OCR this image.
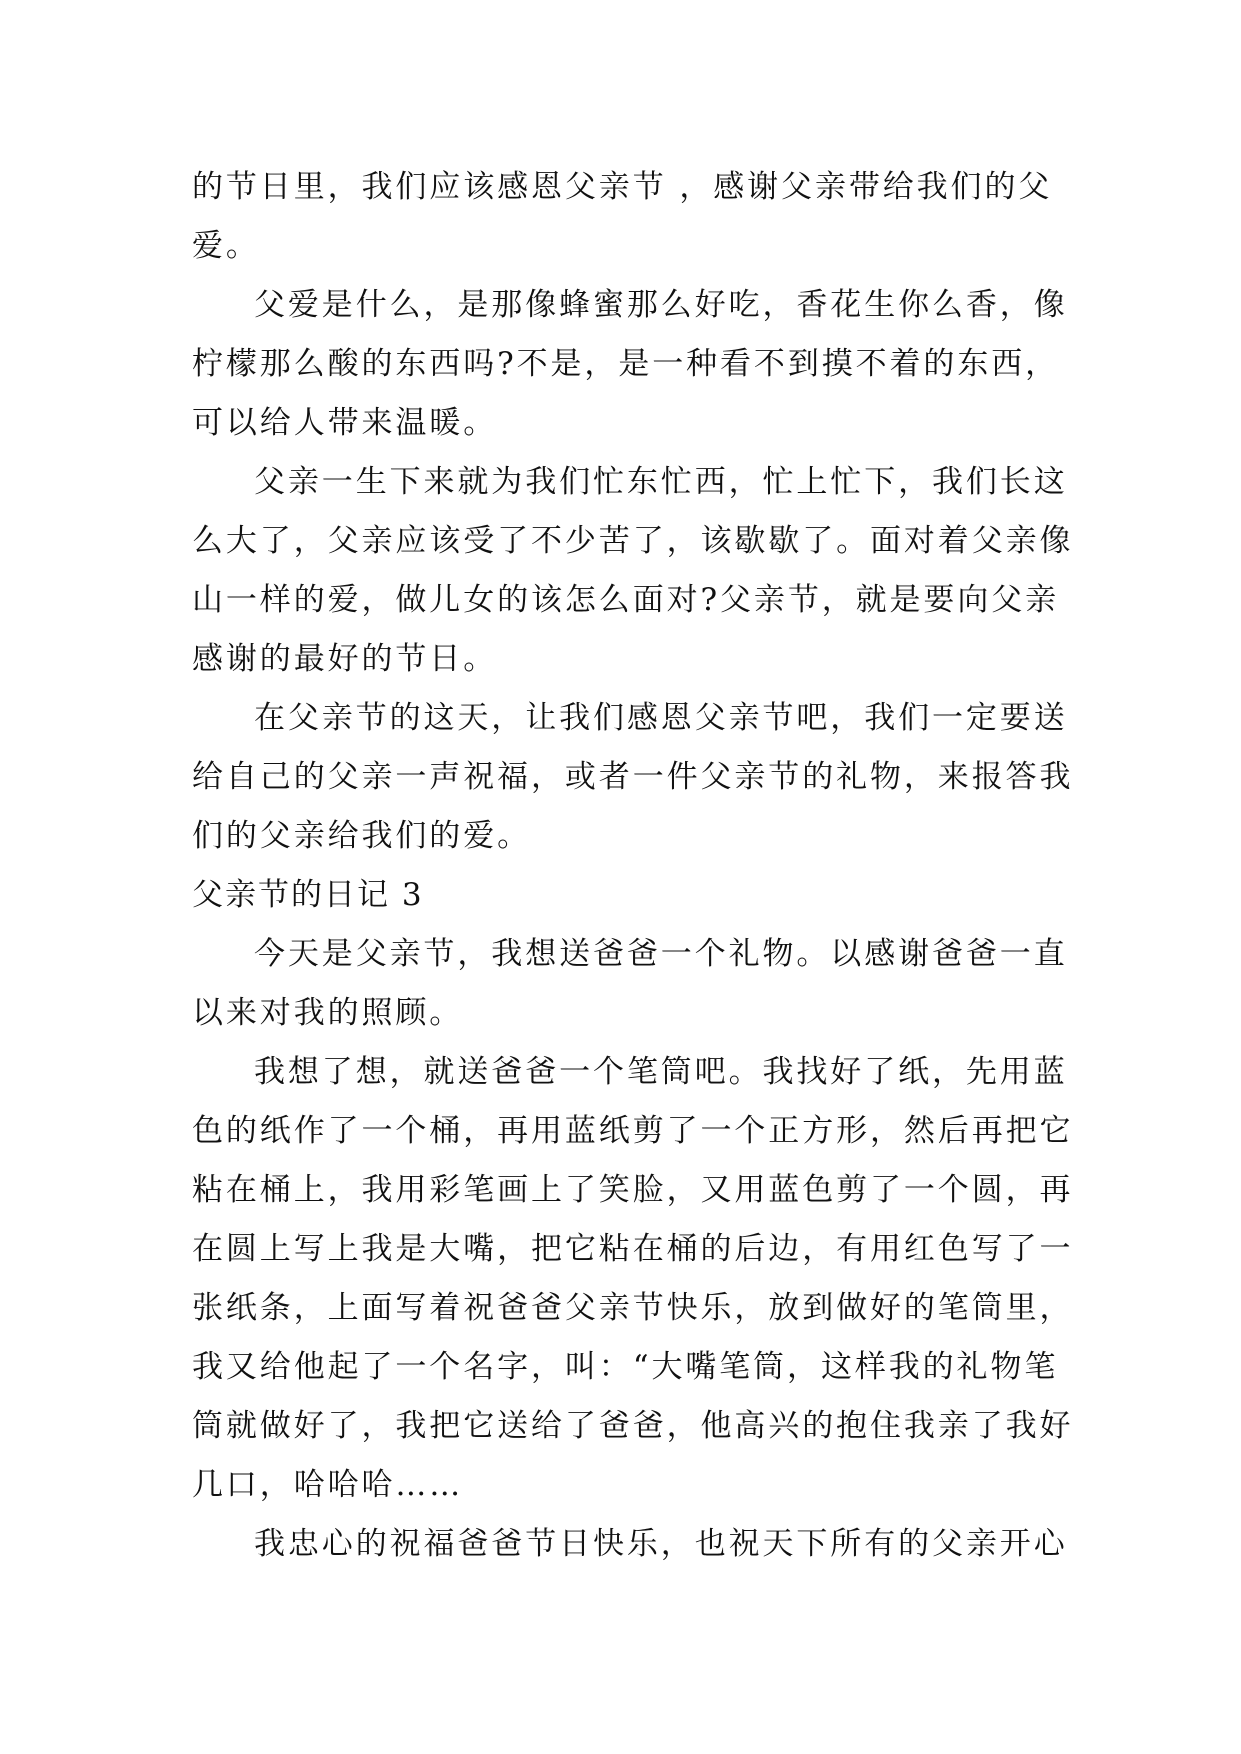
的节日里，我们应该感恩父亲节 ，感谢父亲带给我们的父
爱。
父爱是什么，是那像蜂蜜那么好吃，香花生你么香，像
柠檬那么酸的东西吗?不是，是一种看不到摸不着的东西，
可以给人带来温暖。
父亲一生下来就为我们忙东忙西，忙上忙下，我们长这
么大了，父亲应该受了不少苦了，该歇歇了。面对着父亲像
山一样的爱，做儿女的该怎么面对?父亲节，就是要向父亲
感谢的最好的节日。
在父亲节的这天，让我们感恩父亲节吧，我们一定要送
给自己的父亲一声祝福，或者一件父亲节的礼物，来报答我
们的父亲给我们的爱。
父亲节的日记 3
今天是父亲节，我想送爸爸一个礼物。以感谢爸爸一直
以来对我的照顾。
我想了想，就送爸爸一个笔筒吧。我找好了纸，先用蓝
色的纸作了一个桶，再用蓝纸剪了一个正方形，然后再把它
粘在桶上，我用彩笔画上了笑脸，又用蓝色剪了一个圆，再
在圆上写上我是大嘴，把它粘在桶的后边，有用红色写了一
张纸条，上面写着祝爸爸父亲节快乐，放到做好的笔筒里，
我又给他起了一个名字，叫：“大嘴笔筒，这样我的礼物笔
筒就做好了，我把它送给了爸爸，他高兴的抱住我亲了我好
几口，哈哈哈……
我忠心的祝福爸爸节日快乐，也祝天下所有的父亲开心
